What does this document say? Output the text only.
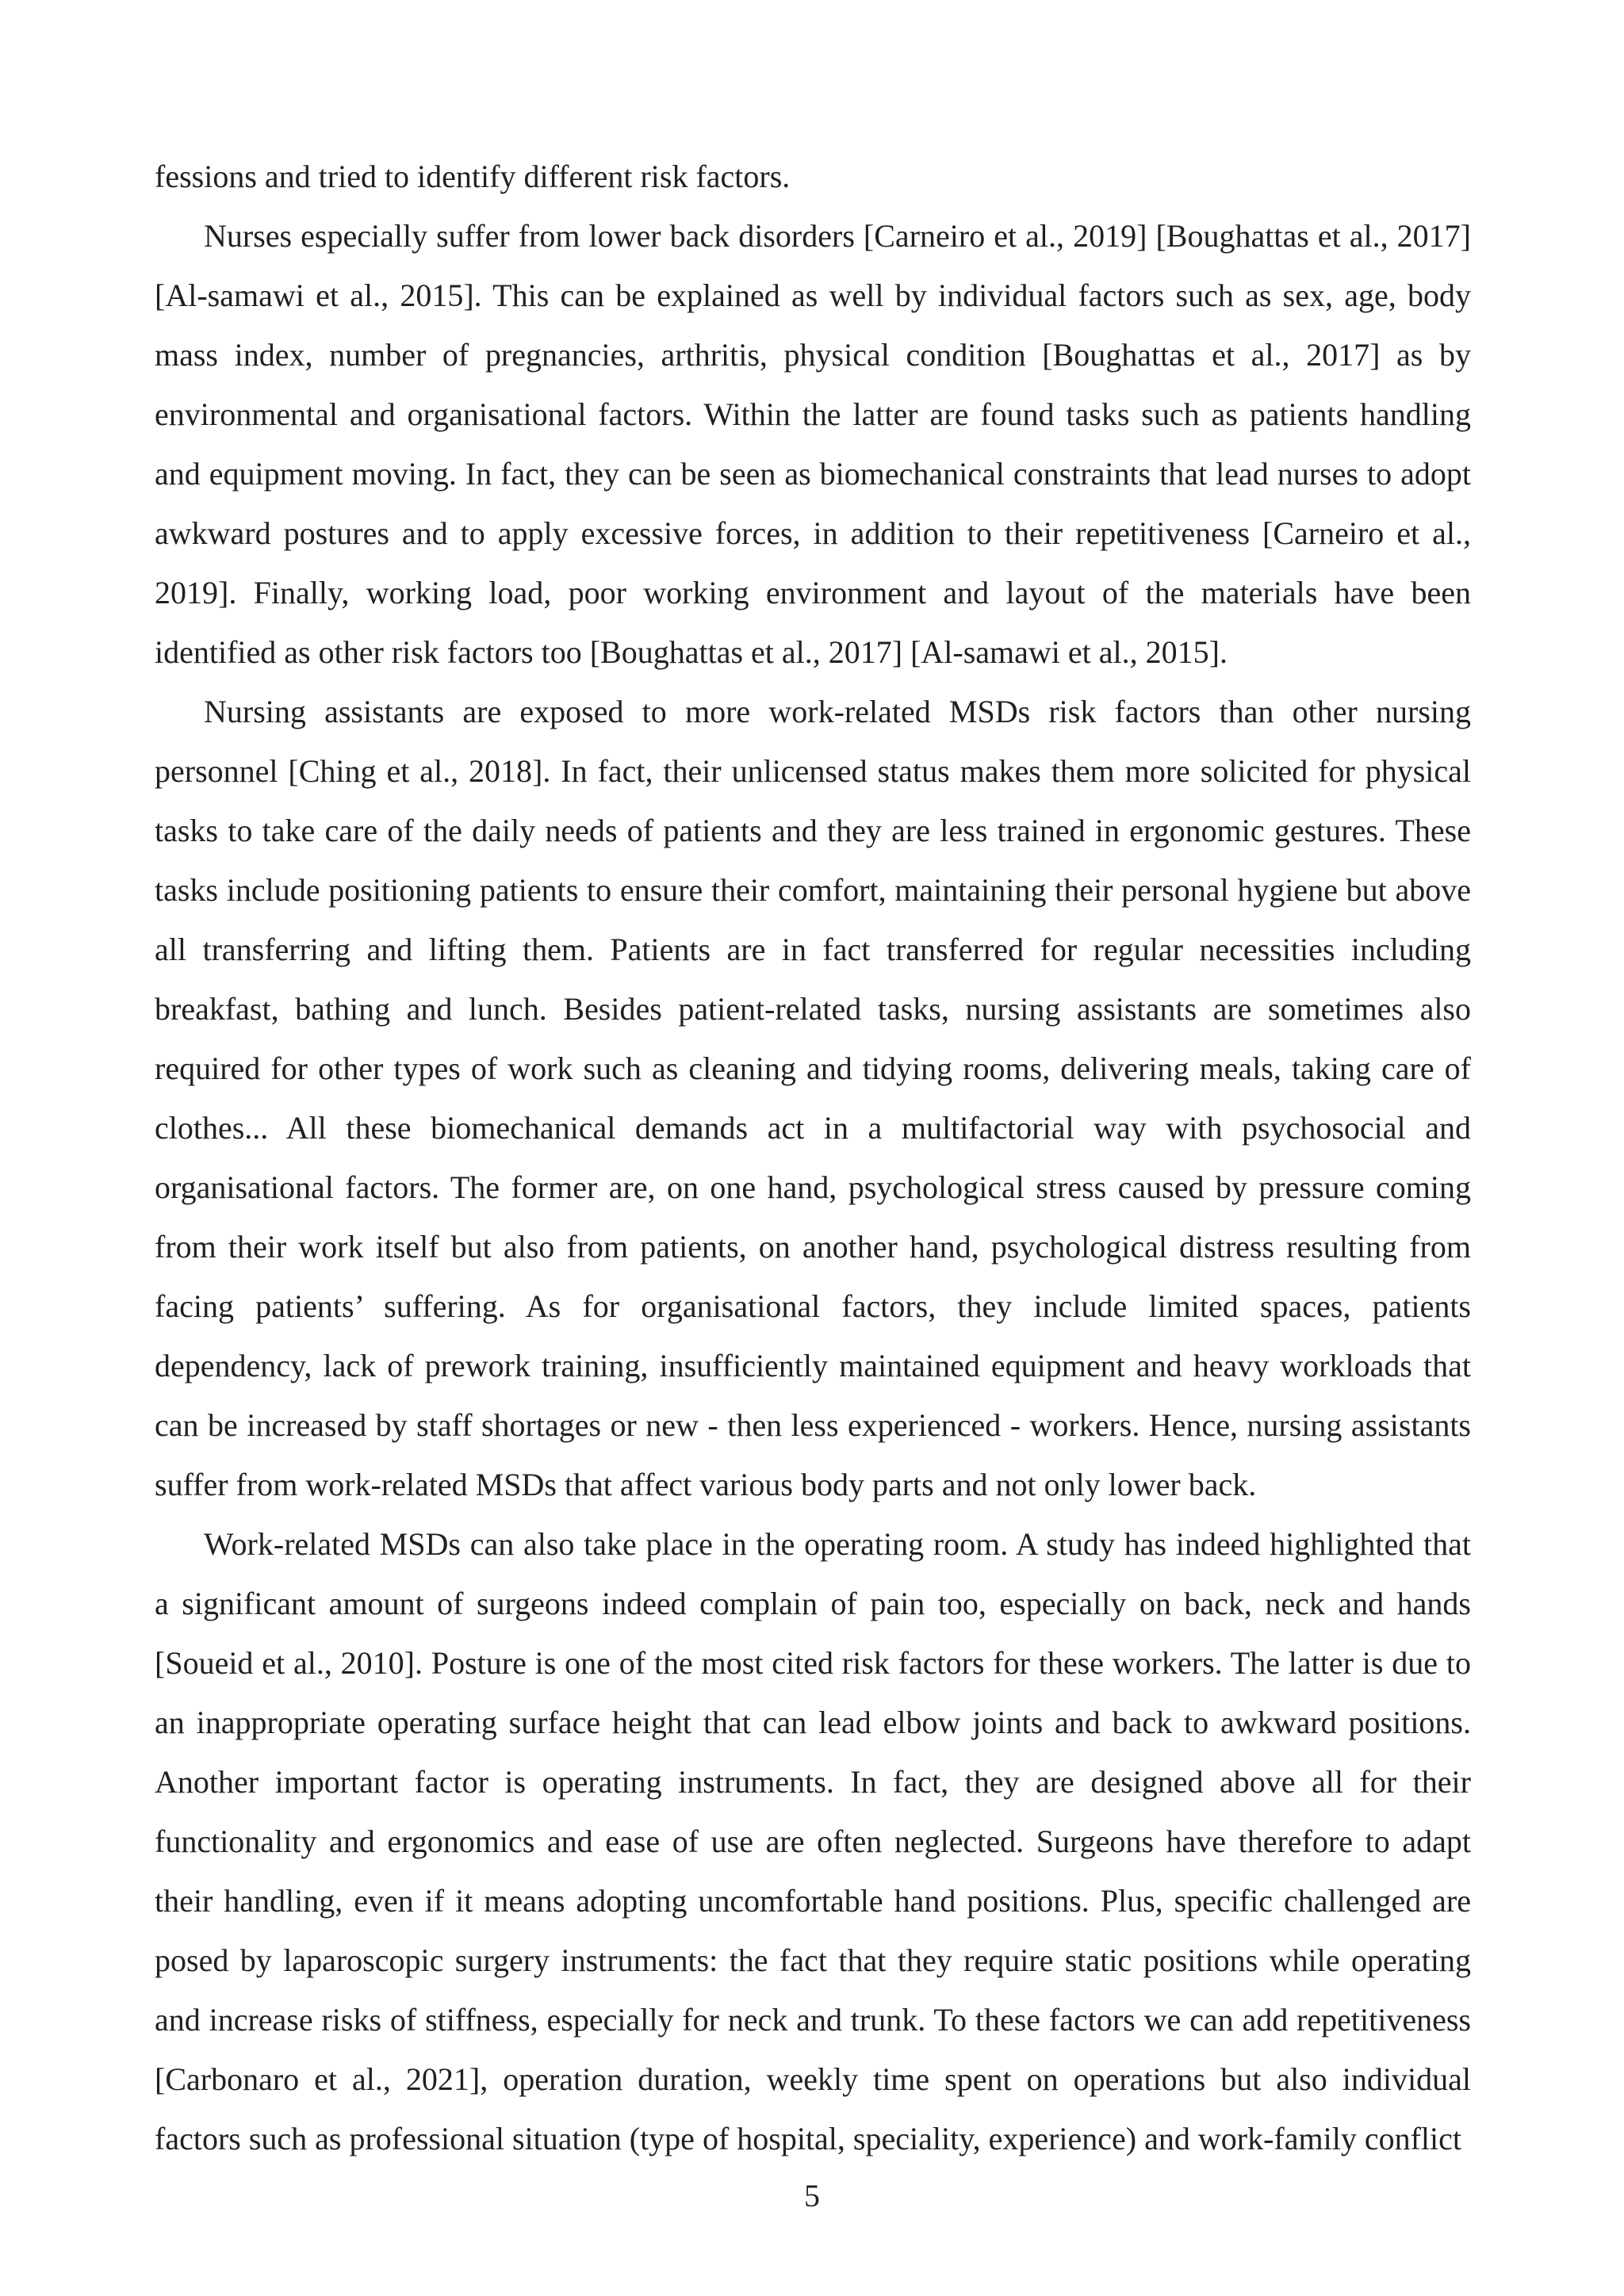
fessions and tried to identify different risk factors.

Nurses especially suffer from lower back disorders [Carneiro et al., 2019] [Boughattas et al., 2017] [Al-samawi et al., 2015]. This can be explained as well by individual factors such as sex, age, body mass index, number of pregnancies, arthritis, physical condition [Boughattas et al., 2017] as by environmental and organisational factors. Within the latter are found tasks such as patients handling and equipment moving. In fact, they can be seen as biomechanical constraints that lead nurses to adopt awkward postures and to apply excessive forces, in addition to their repetitiveness [Carneiro et al., 2019]. Finally, working load, poor working environment and layout of the materials have been identified as other risk factors too [Boughattas et al., 2017] [Al-samawi et al., 2015].

Nursing assistants are exposed to more work-related MSDs risk factors than other nursing personnel [Ching et al., 2018]. In fact, their unlicensed status makes them more solicited for physical tasks to take care of the daily needs of patients and they are less trained in ergonomic gestures. These tasks include positioning patients to ensure their comfort, maintaining their personal hygiene but above all transferring and lifting them. Patients are in fact transferred for regular necessities including breakfast, bathing and lunch. Besides patient-related tasks, nursing assistants are sometimes also required for other types of work such as cleaning and tidying rooms, delivering meals, taking care of clothes... All these biomechanical demands act in a multifactorial way with psychosocial and organisational factors. The former are, on one hand, psychological stress caused by pressure coming from their work itself but also from patients, on another hand, psychological distress resulting from facing patients’ suffering. As for organisational factors, they include limited spaces, patients dependency, lack of prework training, insufficiently maintained equipment and heavy workloads that can be increased by staff shortages or new - then less experienced - workers. Hence, nursing assistants suffer from work-related MSDs that affect various body parts and not only lower back.

Work-related MSDs can also take place in the operating room. A study has indeed highlighted that a significant amount of surgeons indeed complain of pain too, especially on back, neck and hands [Soueid et al., 2010]. Posture is one of the most cited risk factors for these workers. The latter is due to an inappropriate operating surface height that can lead elbow joints and back to awkward positions. Another important factor is operating instruments. In fact, they are designed above all for their functionality and ergonomics and ease of use are often neglected. Surgeons have therefore to adapt their handling, even if it means adopting uncomfortable hand positions. Plus, specific challenged are posed by laparoscopic surgery instruments: the fact that they require static positions while operating and increase risks of stiffness, especially for neck and trunk. To these factors we can add repetitiveness [Carbonaro et al., 2021], operation duration, weekly time spent on operations but also individual factors such as professional situation (type of hospital, speciality, experience) and work-family conflict

5
